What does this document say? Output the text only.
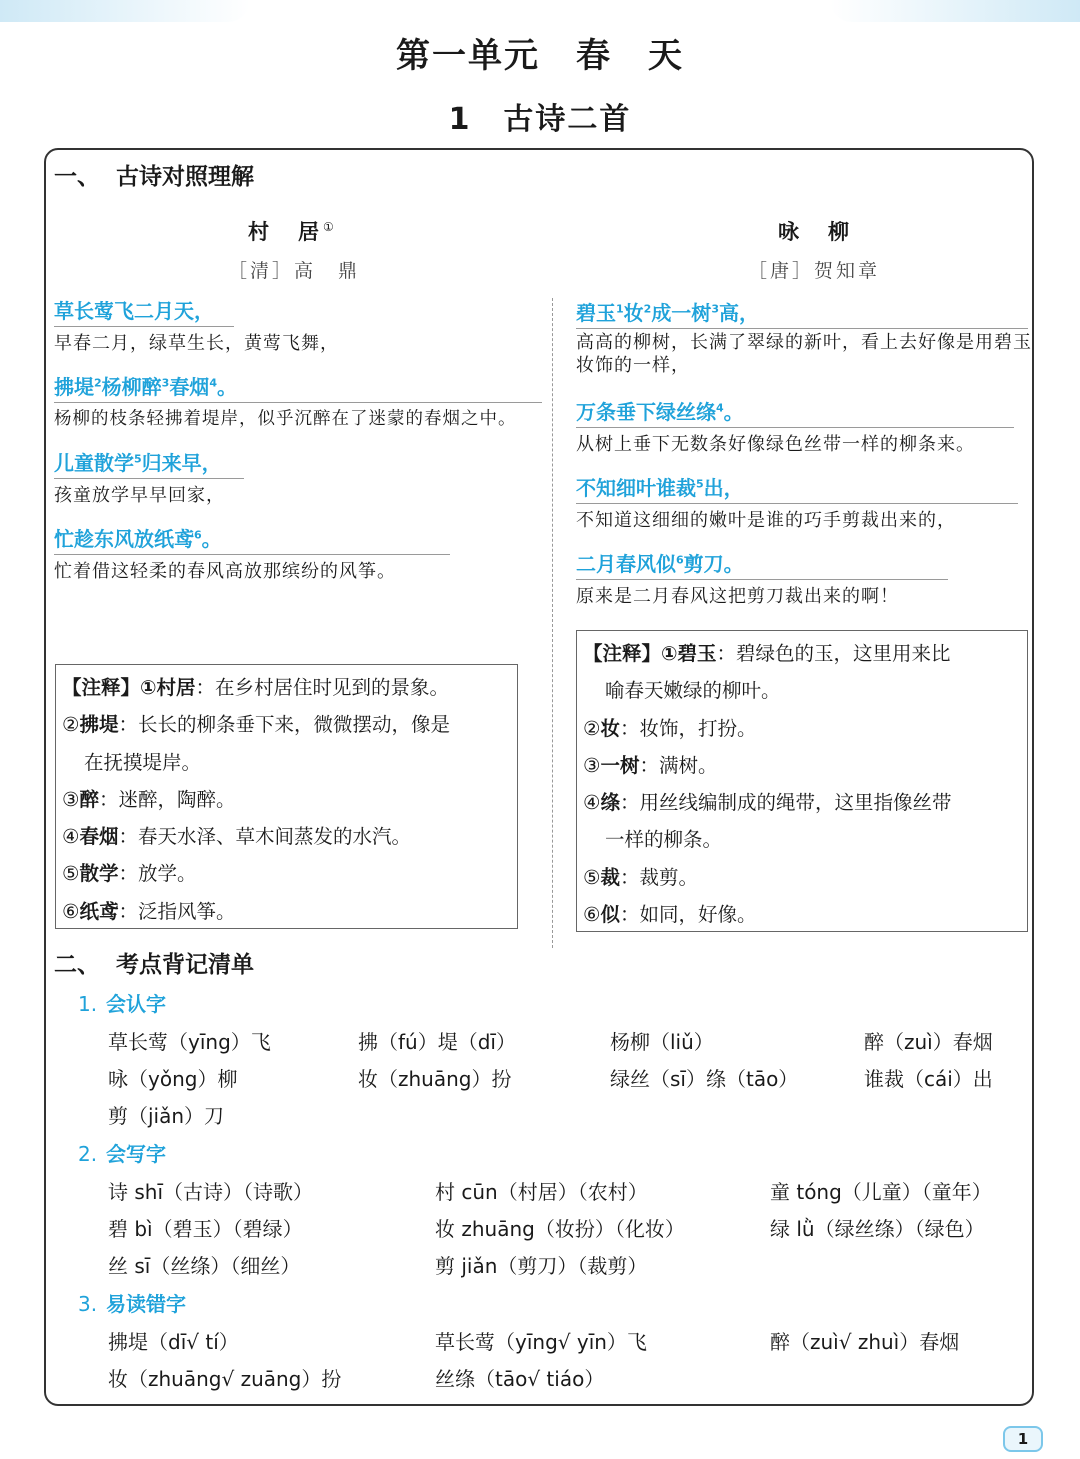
第一单元　春　天
1　古诗二首
一、 古诗对照理解
村　居①
［清］高　鼎
咏　柳
［唐］贺知章
草长莺飞二月天，
早春二月，绿草生长，黄莺飞舞，
拂堤$^2$杨柳醉$^3$春烟$^4$。
杨柳的枝条轻拂着堤岸，似乎沉醉在了迷蒙的春烟之中。
儿童散学$^5$归来早，
孩童放学早早回家，
忙趁东风放纸鸢$^6$。
忙着借这轻柔的春风高放那缤纷的风筝。
碧玉$^1$妆$^2$成一树$^3$高，
高高的柳树，长满了翠绿的新叶，看上去好像是用碧玉妆饰的一样，
万条垂下绿丝绦$^4$。
从树上垂下无数条好像绿色丝带一样的柳条来。
不知细叶谁裁$^5$出，
不知道这细细的嫩叶是谁的巧手剪裁出来的，
二月春风似$^6$剪刀。
原来是二月春风这把剪刀裁出来的啊！
【注释】①村居：在乡村居住时见到的景象。
②拂堤：长长的柳条垂下来，微微摆动，像是
在抚摸堤岸。
③醉：迷醉，陶醉。
④春烟：春天水泽、草木间蒸发的水汽。
⑤散学：放学。
⑥纸鸢：泛指风筝。
【注释】①碧玉：碧绿色的玉，这里用来比
喻春天嫩绿的柳叶。
②妆：妆饰，打扮。
③一树：满树。
④绦：用丝线编制成的绳带，这里指像丝带
一样的柳条。
⑤裁：裁剪。
⑥似：如同，好像。
二、 考点背记清单
1. 会认字
草长莺（yīng）飞	拂（fú）堤（dī）	杨柳（liǔ）	醉（zuì）春烟
咏（yǒng）柳	妆（zhuāng）扮	绿丝（sī）绦（tāo）	谁裁（cái）出
剪（jiǎn）刀
2. 会写字
诗 shī（古诗）（诗歌）	村 cūn（村居）（农村）	童 tóng（儿童）（童年）
碧 bì（碧玉）（碧绿）	妆 zhuāng（妆扮）（化妆）	绿 lǜ（绿丝绦）（绿色）
丝 sī（丝绦）（细丝）	剪 jiǎn（剪刀）（裁剪）
3. 易读错字
拂堤（dī√ tí）	草长莺（yīng√ yīn）飞	醉（zuì√ zhuì）春烟
妆（zhuāng√ zuāng）扮	丝绦（tāo√ tiáo）
1
